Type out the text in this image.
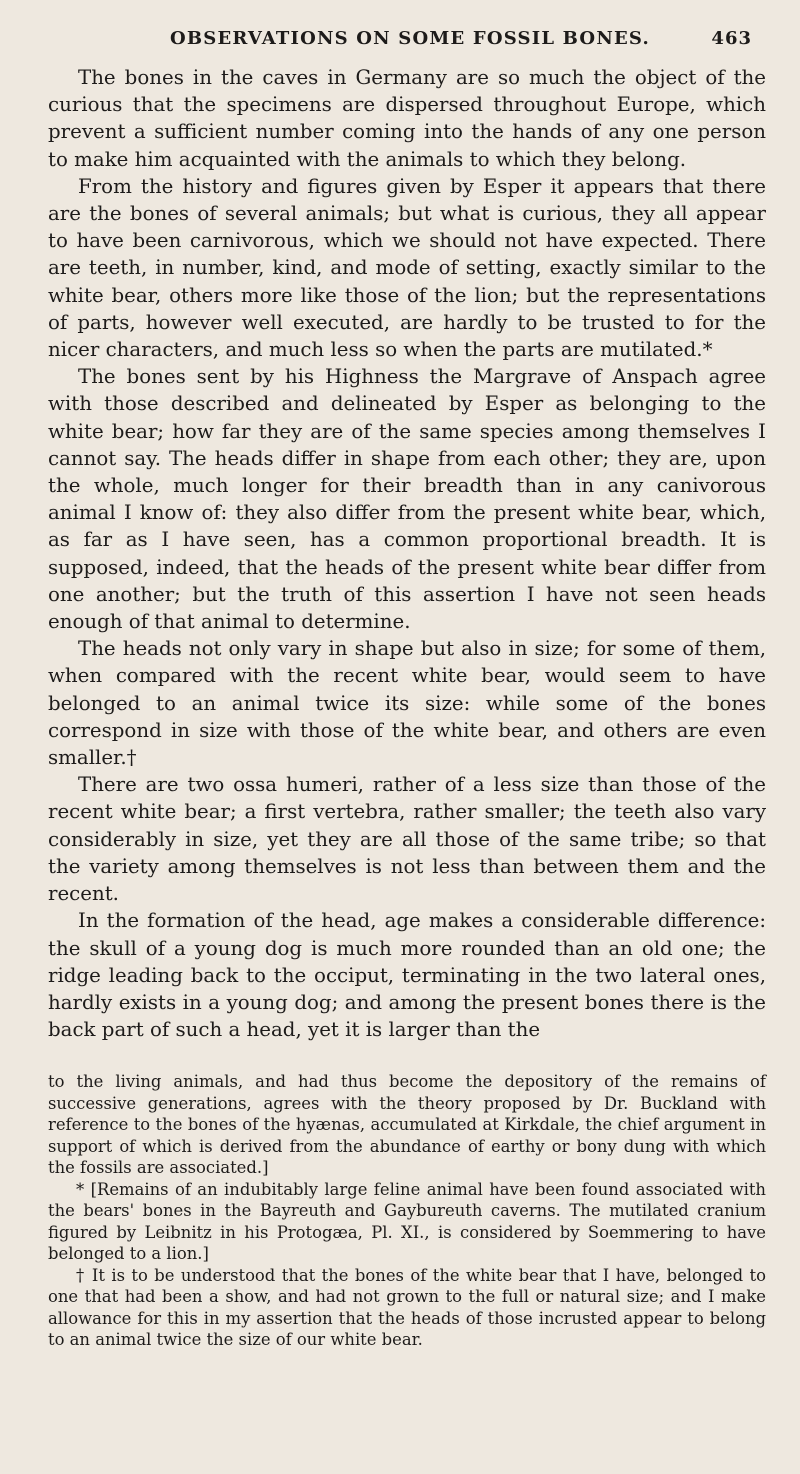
OBSERVATIONS ON SOME FOSSIL BONES.	463

The bones in the caves in Germany are so much the object of the curious that the specimens are dispersed throughout Europe, which prevent a sufficient number coming into the hands of any one person to make him acquainted with the animals to which they belong.

From the history and figures given by Esper it appears that there are the bones of several animals; but what is curious, they all appear to have been carnivorous, which we should not have expected. There are teeth, in number, kind, and mode of setting, exactly similar to the white bear, others more like those of the lion; but the representations of parts, however well executed, are hardly to be trusted to for the nicer characters, and much less so when the parts are mutilated.*

The bones sent by his Highness the Margrave of Anspach agree with those described and delineated by Esper as belonging to the white bear; how far they are of the same species among themselves I cannot say. The heads differ in shape from each other; they are, upon the whole, much longer for their breadth than in any canivorous animal I know of: they also differ from the present white bear, which, as far as I have seen, has a common proportional breadth. It is supposed, indeed, that the heads of the present white bear differ from one another; but the truth of this assertion I have not seen heads enough of that animal to determine.

The heads not only vary in shape but also in size; for some of them, when compared with the recent white bear, would seem to have belonged to an animal twice its size: while some of the bones correspond in size with those of the white bear, and others are even smaller.†

There are two ossa humeri, rather of a less size than those of the recent white bear; a first vertebra, rather smaller; the teeth also vary considerably in size, yet they are all those of the same tribe; so that the variety among themselves is not less than between them and the recent.

In the formation of the head, age makes a considerable difference: the skull of a young dog is much more rounded than an old one; the ridge leading back to the occiput, terminating in the two lateral ones, hardly exists in a young dog; and among the present bones there is the back part of such a head, yet it is larger than the

to the living animals, and had thus become the depository of the remains of successive generations, agrees with the theory proposed by Dr. Buckland with reference to the bones of the hyænas, accumulated at Kirkdale, the chief argument in support of which is derived from the abundance of earthy or bony dung with which the fossils are associated.]

* [Remains of an indubitably large feline animal have been found associated with the bears' bones in the Bayreuth and Gaybureuth caverns. The mutilated cranium figured by Leibnitz in his Protogæa, Pl. XI., is considered by Soemmering to have belonged to a lion.]

† It is to be understood that the bones of the white bear that I have, belonged to one that had been a show, and had not grown to the full or natural size; and I make allowance for this in my assertion that the heads of those incrusted appear to belong to an animal twice the size of our white bear.
